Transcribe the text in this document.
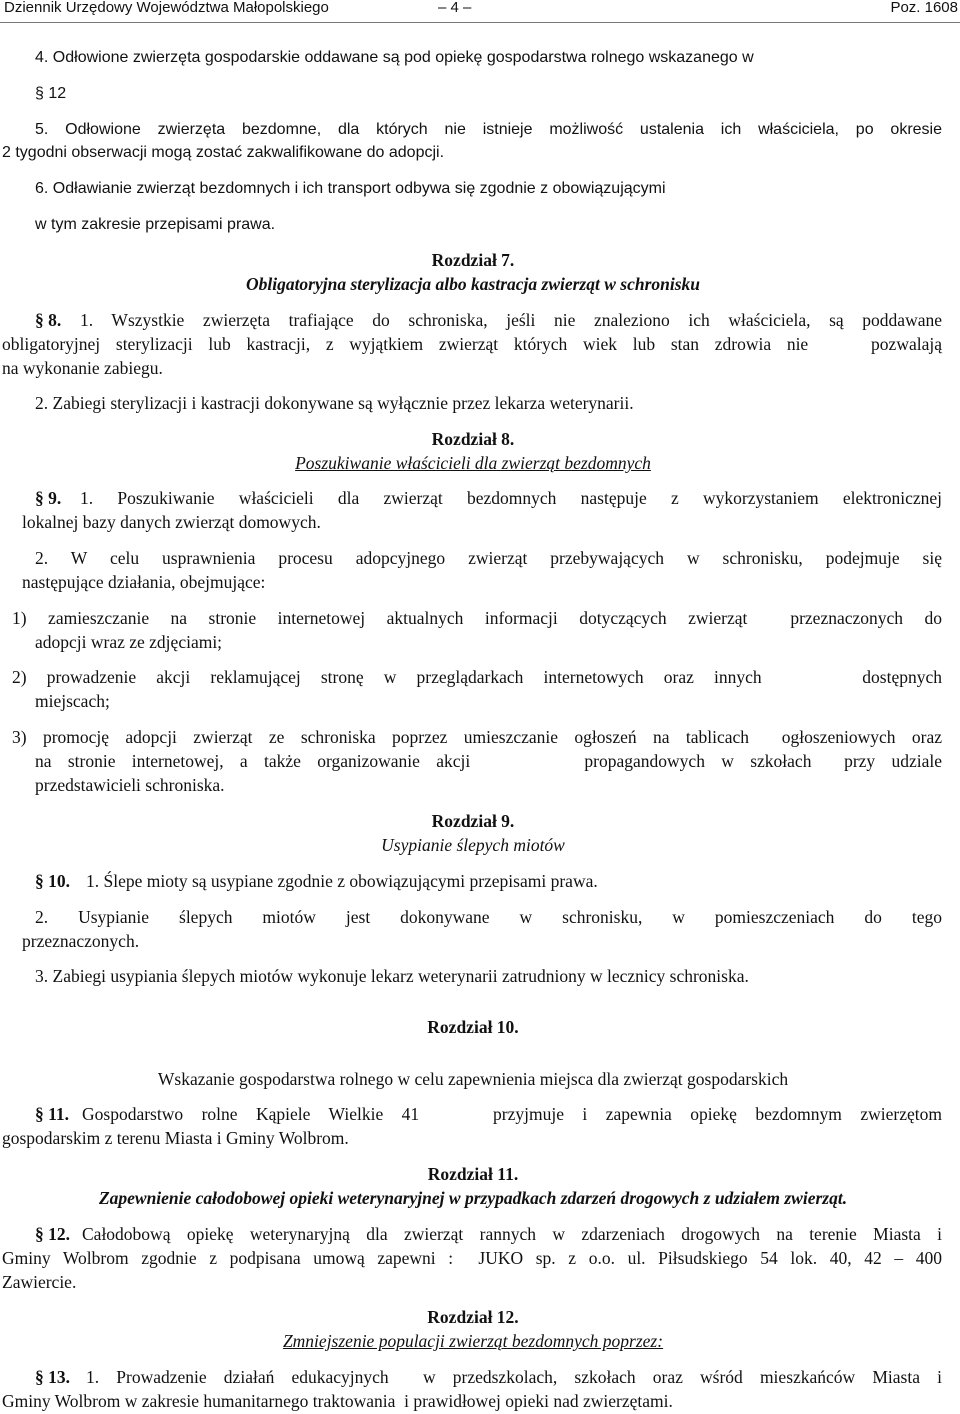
Dziennik Urzędowy Województwa Małopolskiego	– 4 –	Poz. 1608
4. Odłowione zwierzęta gospodarskie oddawane są pod opiekę gospodarstwa rolnego wskazanego w
§ 12
5. Odłowione zwierzęta bezdomne, dla których nie istnieje możliwość ustalenia ich właściciela, po okresie
2 tygodni obserwacji mogą zostać zakwalifikowane do adopcji.
6. Odławianie zwierząt bezdomnych i ich transport odbywa się zgodnie z obowiązującymi
w tym zakresie przepisami prawa.
Rozdział 7.
Obligatoryjna sterylizacja albo kastracja zwierząt w schronisku
§ 8. 1. Wszystkie zwierzęta trafiające do schroniska, jeśli nie znaleziono ich właściciela, są poddawane
obligatoryjnej sterylizacji lub kastracji, z wyjątkiem zwierząt których wiek lub stan zdrowia nie    pozwalają
na wykonanie zabiegu.
2. Zabiegi sterylizacji i kastracji dokonywane są wyłącznie przez lekarza weterynarii.
Rozdział 8.
Poszukiwanie właścicieli dla zwierząt bezdomnych
§ 9. 1. Poszukiwanie właścicieli dla zwierząt bezdomnych następuje z wykorzystaniem elektronicznej
lokalnej bazy danych zwierząt domowych.
2. W celu usprawnienia procesu adopcyjnego zwierząt przebywających w schronisku, podejmuje się
następujące działania, obejmujące:
1) zamieszczanie na stronie internetowej aktualnych informacji dotyczących zwierząt  przeznaczonych do
adopcji wraz ze zdjęciami;
2) prowadzenie akcji reklamującej stronę w przeglądarkach internetowych oraz innych     dostępnych
miejscach;
3) promocję adopcji zwierząt ze schroniska poprzez umieszczanie ogłoszeń na tablicach  ogłoszeniowych oraz
na stronie internetowej, a także organizowanie akcji       propagandowych w szkołach  przy udziale
przedstawicieli schroniska.
Rozdział 9.
Usypianie ślepych miotów
§ 10. 1. Ślepe mioty są usypiane zgodnie z obowiązującymi przepisami prawa.
2. Usypianie ślepych miotów jest dokonywane w schronisku, w pomieszczeniach do tego
przeznaczonych.
3. Zabiegi usypiania ślepych miotów wykonuje lekarz weterynarii zatrudniony w lecznicy schroniska.
Rozdział 10.
Wskazanie gospodarstwa rolnego w celu zapewnienia miejsca dla zwierząt gospodarskich
§ 11. Gospodarstwo rolne Kąpiele Wielkie 41    przyjmuje i zapewnia opiekę bezdomnym zwierzętom
gospodarskim z terenu Miasta i Gminy Wolbrom.
Rozdział 11.
Zapewnienie całodobowej opieki weterynaryjnej w przypadkach zdarzeń drogowych z udziałem zwierząt.
§ 12. Całodobową opiekę weterynaryjną dla zwierząt rannych w zdarzeniach drogowych na terenie Miasta i
Gminy Wolbrom zgodnie z podpisana umową zapewni :  JUKO sp. z o.o. ul. Piłsudskiego 54 lok. 40, 42 – 400
Zawiercie.
Rozdział 12.
Zmniejszenie populacji zwierząt bezdomnych poprzez:
§ 13. 1. Prowadzenie działań edukacyjnych  w przedszkolach, szkołach oraz wśród mieszkańców Miasta i
Gminy Wolbrom w zakresie humanitarnego traktowania  i prawidłowej opieki nad zwierzętami.
